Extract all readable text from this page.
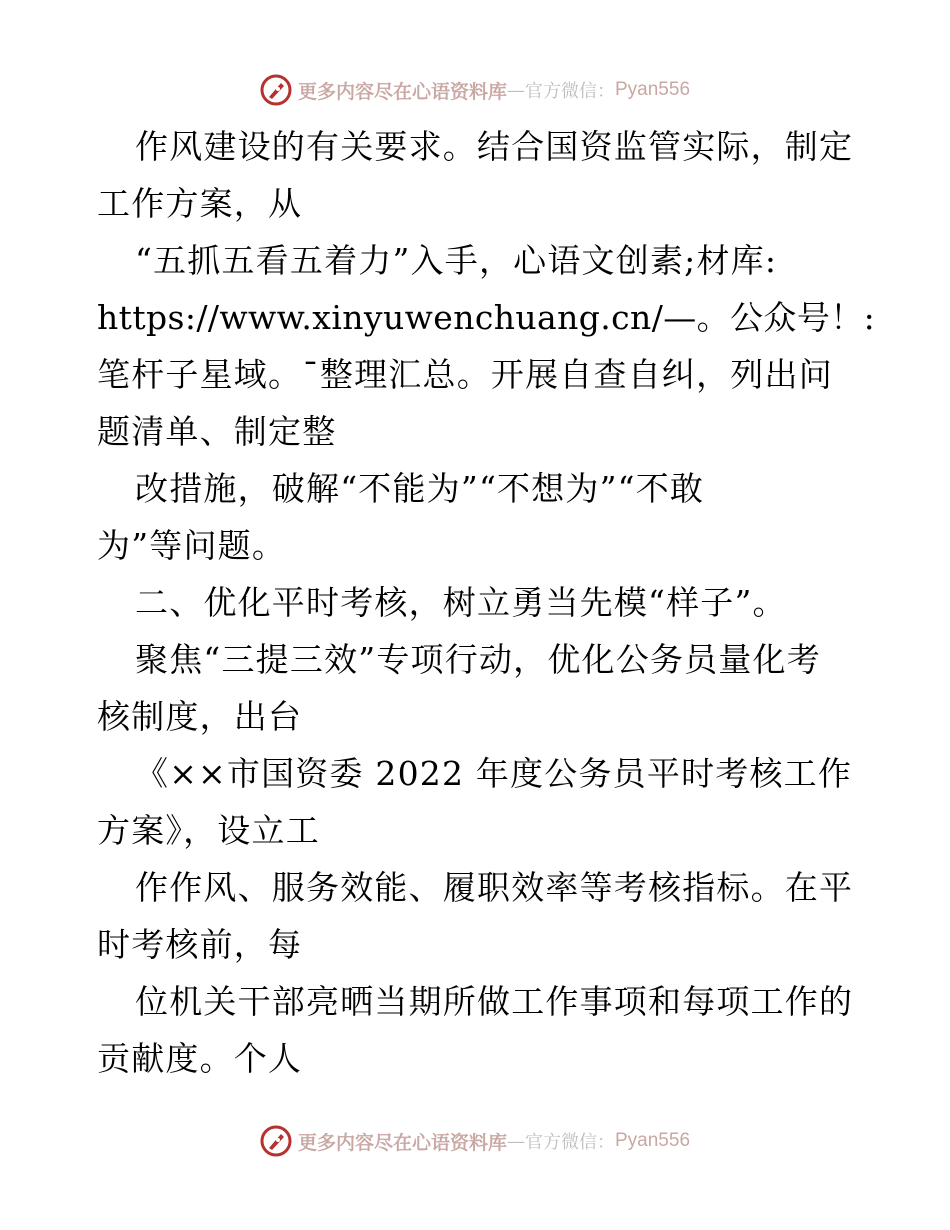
更多内容尽在心语资料库 — 官方微信： Pyan556
作风建设的有关要求。结合国资监管实际，制定
工作方案，从
“五抓五看五着力”入手，心语文创素;材库:
https://www.xinyuwenchuang.cn/—。公众号！:
笔杆子星域。¯整理汇总。开展自查自纠，列出问
题清单、制定整
改措施，破解“不能为”“不想为”“不敢
为”等问题。
二、优化平时考核，树立勇当先模“样子”。
聚焦“三提三效”专项行动，优化公务员量化考
核制度，出台
《××市国资委 2022 年度公务员平时考核工作
方案》，设立工
作作风、服务效能、履职效率等考核指标。在平
时考核前，每
位机关干部亮晒当期所做工作事项和每项工作的
贡献度。个人
更多内容尽在心语资料库 — 官方微信： Pyan556
